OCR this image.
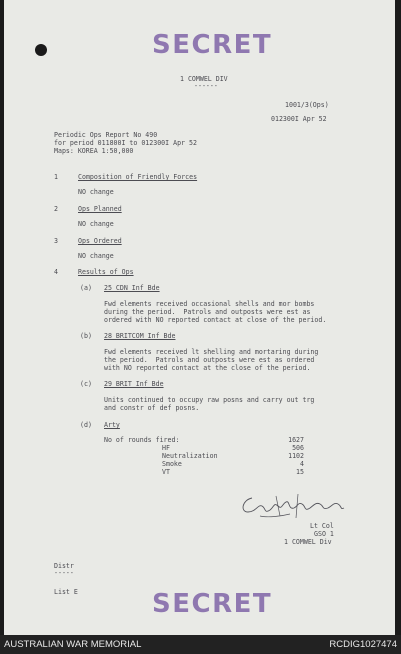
SECRET
1 COMWEL DIV
------
1001/3(Ops)
012300I Apr 52
Periodic Ops Report No 490
for period 011800I to 012300I Apr 52
Maps: KOREA 1:50,000
1	Composition of Friendly Forces
NO change
2	Ops Planned
NO change
3	Ops Ordered
NO change
4	Results of Ops
(a) 25 CDN Inf Bde
Fwd elements received occasional shells and mor bombs
during the period.  Patrols and outposts were est as
ordered with NO reported contact at close of the period.
(b) 28 BRITCOM Inf Bde
Fwd elements received lt shelling and mortaring during
the period.  Patrols and outposts were est as ordered
with NO reported contact at the close of the period.
(c) 29 BRIT Inf Bde
Units continued to occupy raw posns and carry out trg
and constr of def posns.
(d) Arty
No of rounds fired:	1627
HF	506
Neutralization	1102
Smoke	4
VT	15
Lt Col
GSO 1
1 COMWEL Div
Distr
-----
List E	SECRET
AUSTRALIAN WAR MEMORIAL	RCDIG1027474
